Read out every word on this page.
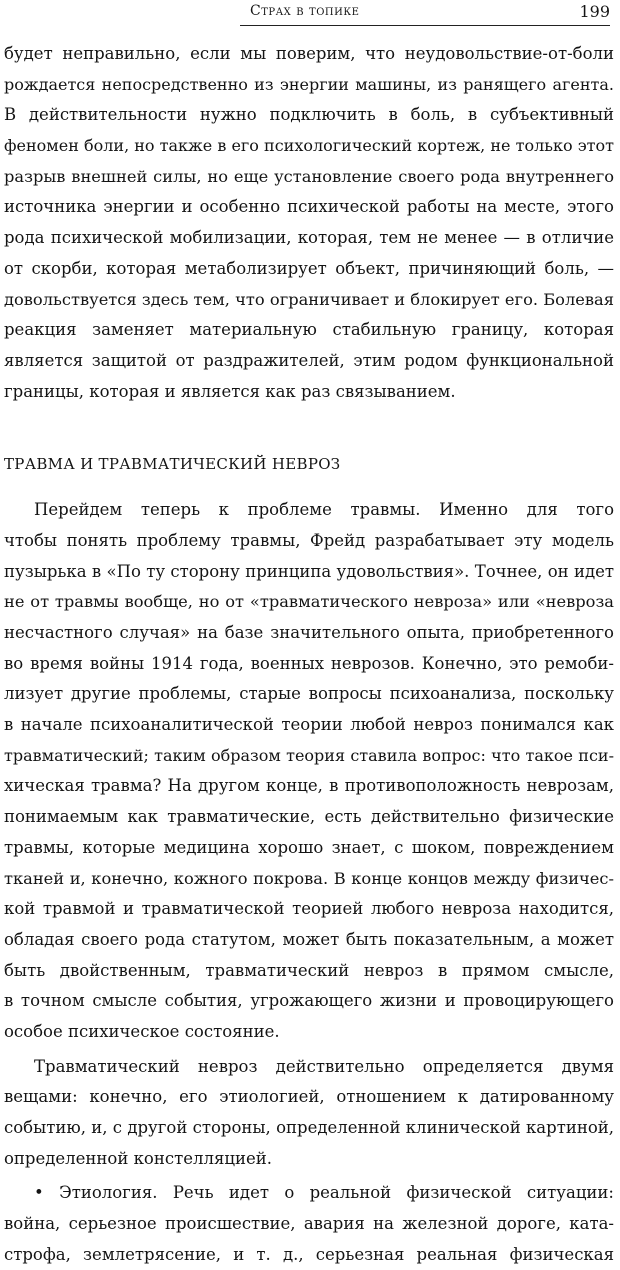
Страх в топике	199
будет неправильно, если мы поверим, что неудовольствие-от-боли
рождается непосредственно из энергии машины, из ранящего агента.
В действительности нужно подключить в боль, в субъективный
феномен боли, но также в его психологический кортеж, не только этот
разрыв внешней силы, но еще установление своего рода внутреннего
источника энергии и особенно психической работы на месте, этого
рода психической мобилизации, которая, тем не менее — в отличие
от скорби, которая метаболизирует объект, причиняющий боль, —
довольствуется здесь тем, что ограничивает и блокирует его. Болевая
реакция заменяет материальную стабильную границу, которая
является защитой от раздражителей, этим родом функциональной
границы, которая и является как раз связыванием.
ТРАВМА И ТРАВМАТИЧЕСКИЙ НЕВРОЗ
Перейдем теперь к проблеме травмы. Именно для того
чтобы понять проблему травмы, Фрейд разрабатывает эту модель
пузырька в «По ту сторону принципа удовольствия». Точнее, он идет
не от травмы вообще, но от «травматического невроза» или «невроза
несчастного случая» на базе значительного опыта, приобретенного
во время войны 1914 года, военных неврозов. Конечно, это ремоби-
лизует другие проблемы, старые вопросы психоанализа, поскольку
в начале психоаналитической теории любой невроз понимался как
травматический; таким образом теория ставила вопрос: что такое пси-
хическая травма? На другом конце, в противоположность неврозам,
понимаемым как травматические, есть действительно физические
травмы, которые медицина хорошо знает, с шоком, повреждением
тканей и, конечно, кожного покрова. В конце концов между физичес-
кой травмой и травматической теорией любого невроза находится,
обладая своего рода статутом, может быть показательным, а может
быть двойственным, травматический невроз в прямом смысле,
в точном смысле события, угрожающего жизни и провоцирующего
особое психическое состояние.
Травматический невроз действительно определяется двумя
вещами: конечно, его этиологией, отношением к датированному
событию, и, с другой стороны, определенной клинической картиной,
определенной констелляцией.
• Этиология. Речь идет о реальной физической ситуации:
война, серьезное происшествие, авария на железной дороге, ката-
строфа, землетрясение, и т. д., серьезная реальная физическая
